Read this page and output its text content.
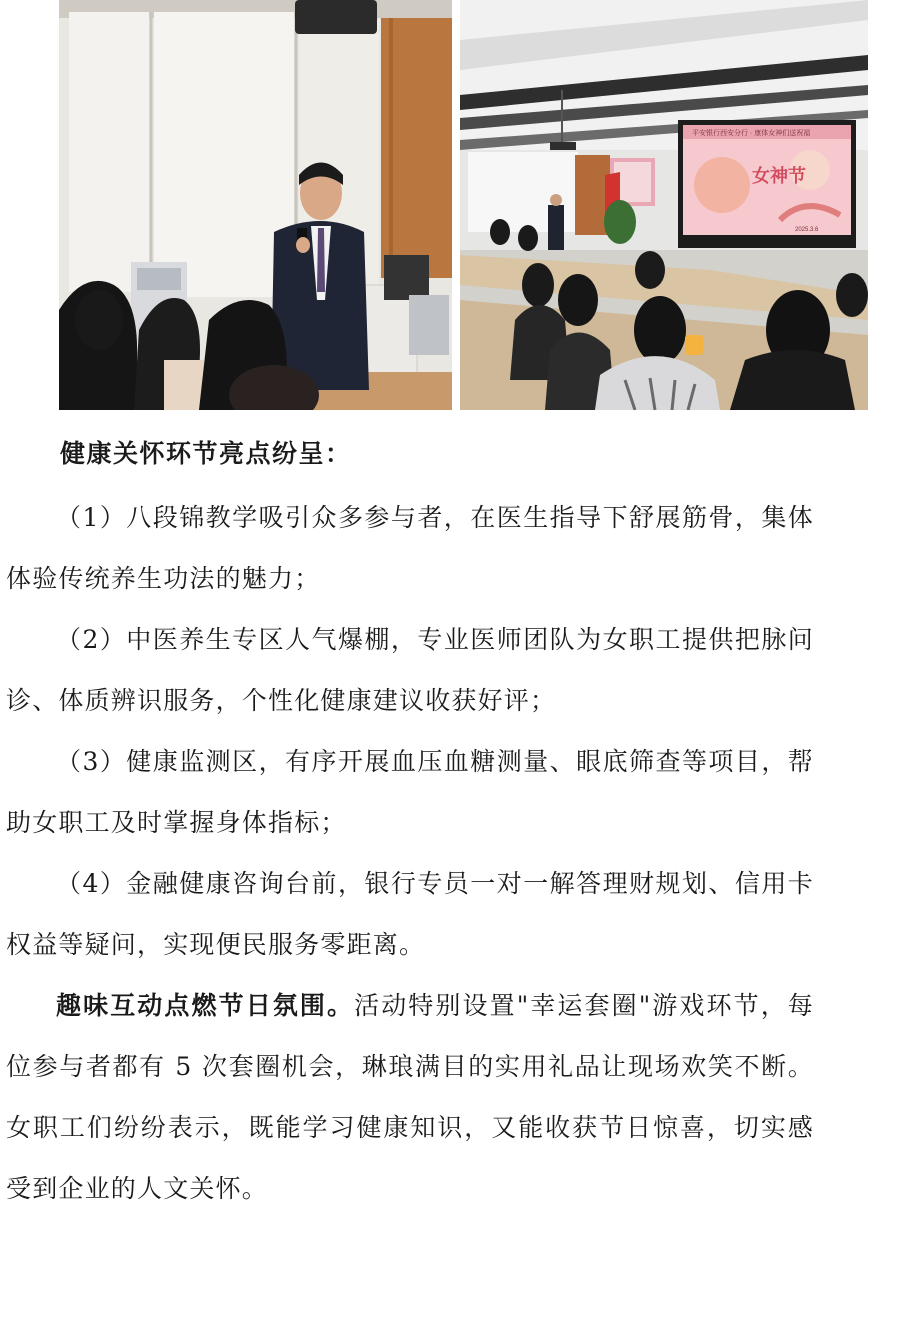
平安银行西安分行 · 康体女神们送祝福
女神节
2025.3.6

健康关怀环节亮点纷呈：

（1）八段锦教学吸引众多参与者，在医生指导下舒展筋骨，集体体验传统养生功法的魅力；

（2）中医养生专区人气爆棚，专业医师团队为女职工提供把脉问诊、体质辨识服务，个性化健康建议收获好评；

（3）健康监测区，有序开展血压血糖测量、眼底筛查等项目，帮助女职工及时掌握身体指标；

（4）金融健康咨询台前，银行专员一对一解答理财规划、信用卡权益等疑问，实现便民服务零距离。

趣味互动点燃节日氛围。活动特别设置"幸运套圈"游戏环节，每位参与者都有 5 次套圈机会，琳琅满目的实用礼品让现场欢笑不断。女职工们纷纷表示，既能学习健康知识，又能收获节日惊喜，切实感受到企业的人文关怀。
